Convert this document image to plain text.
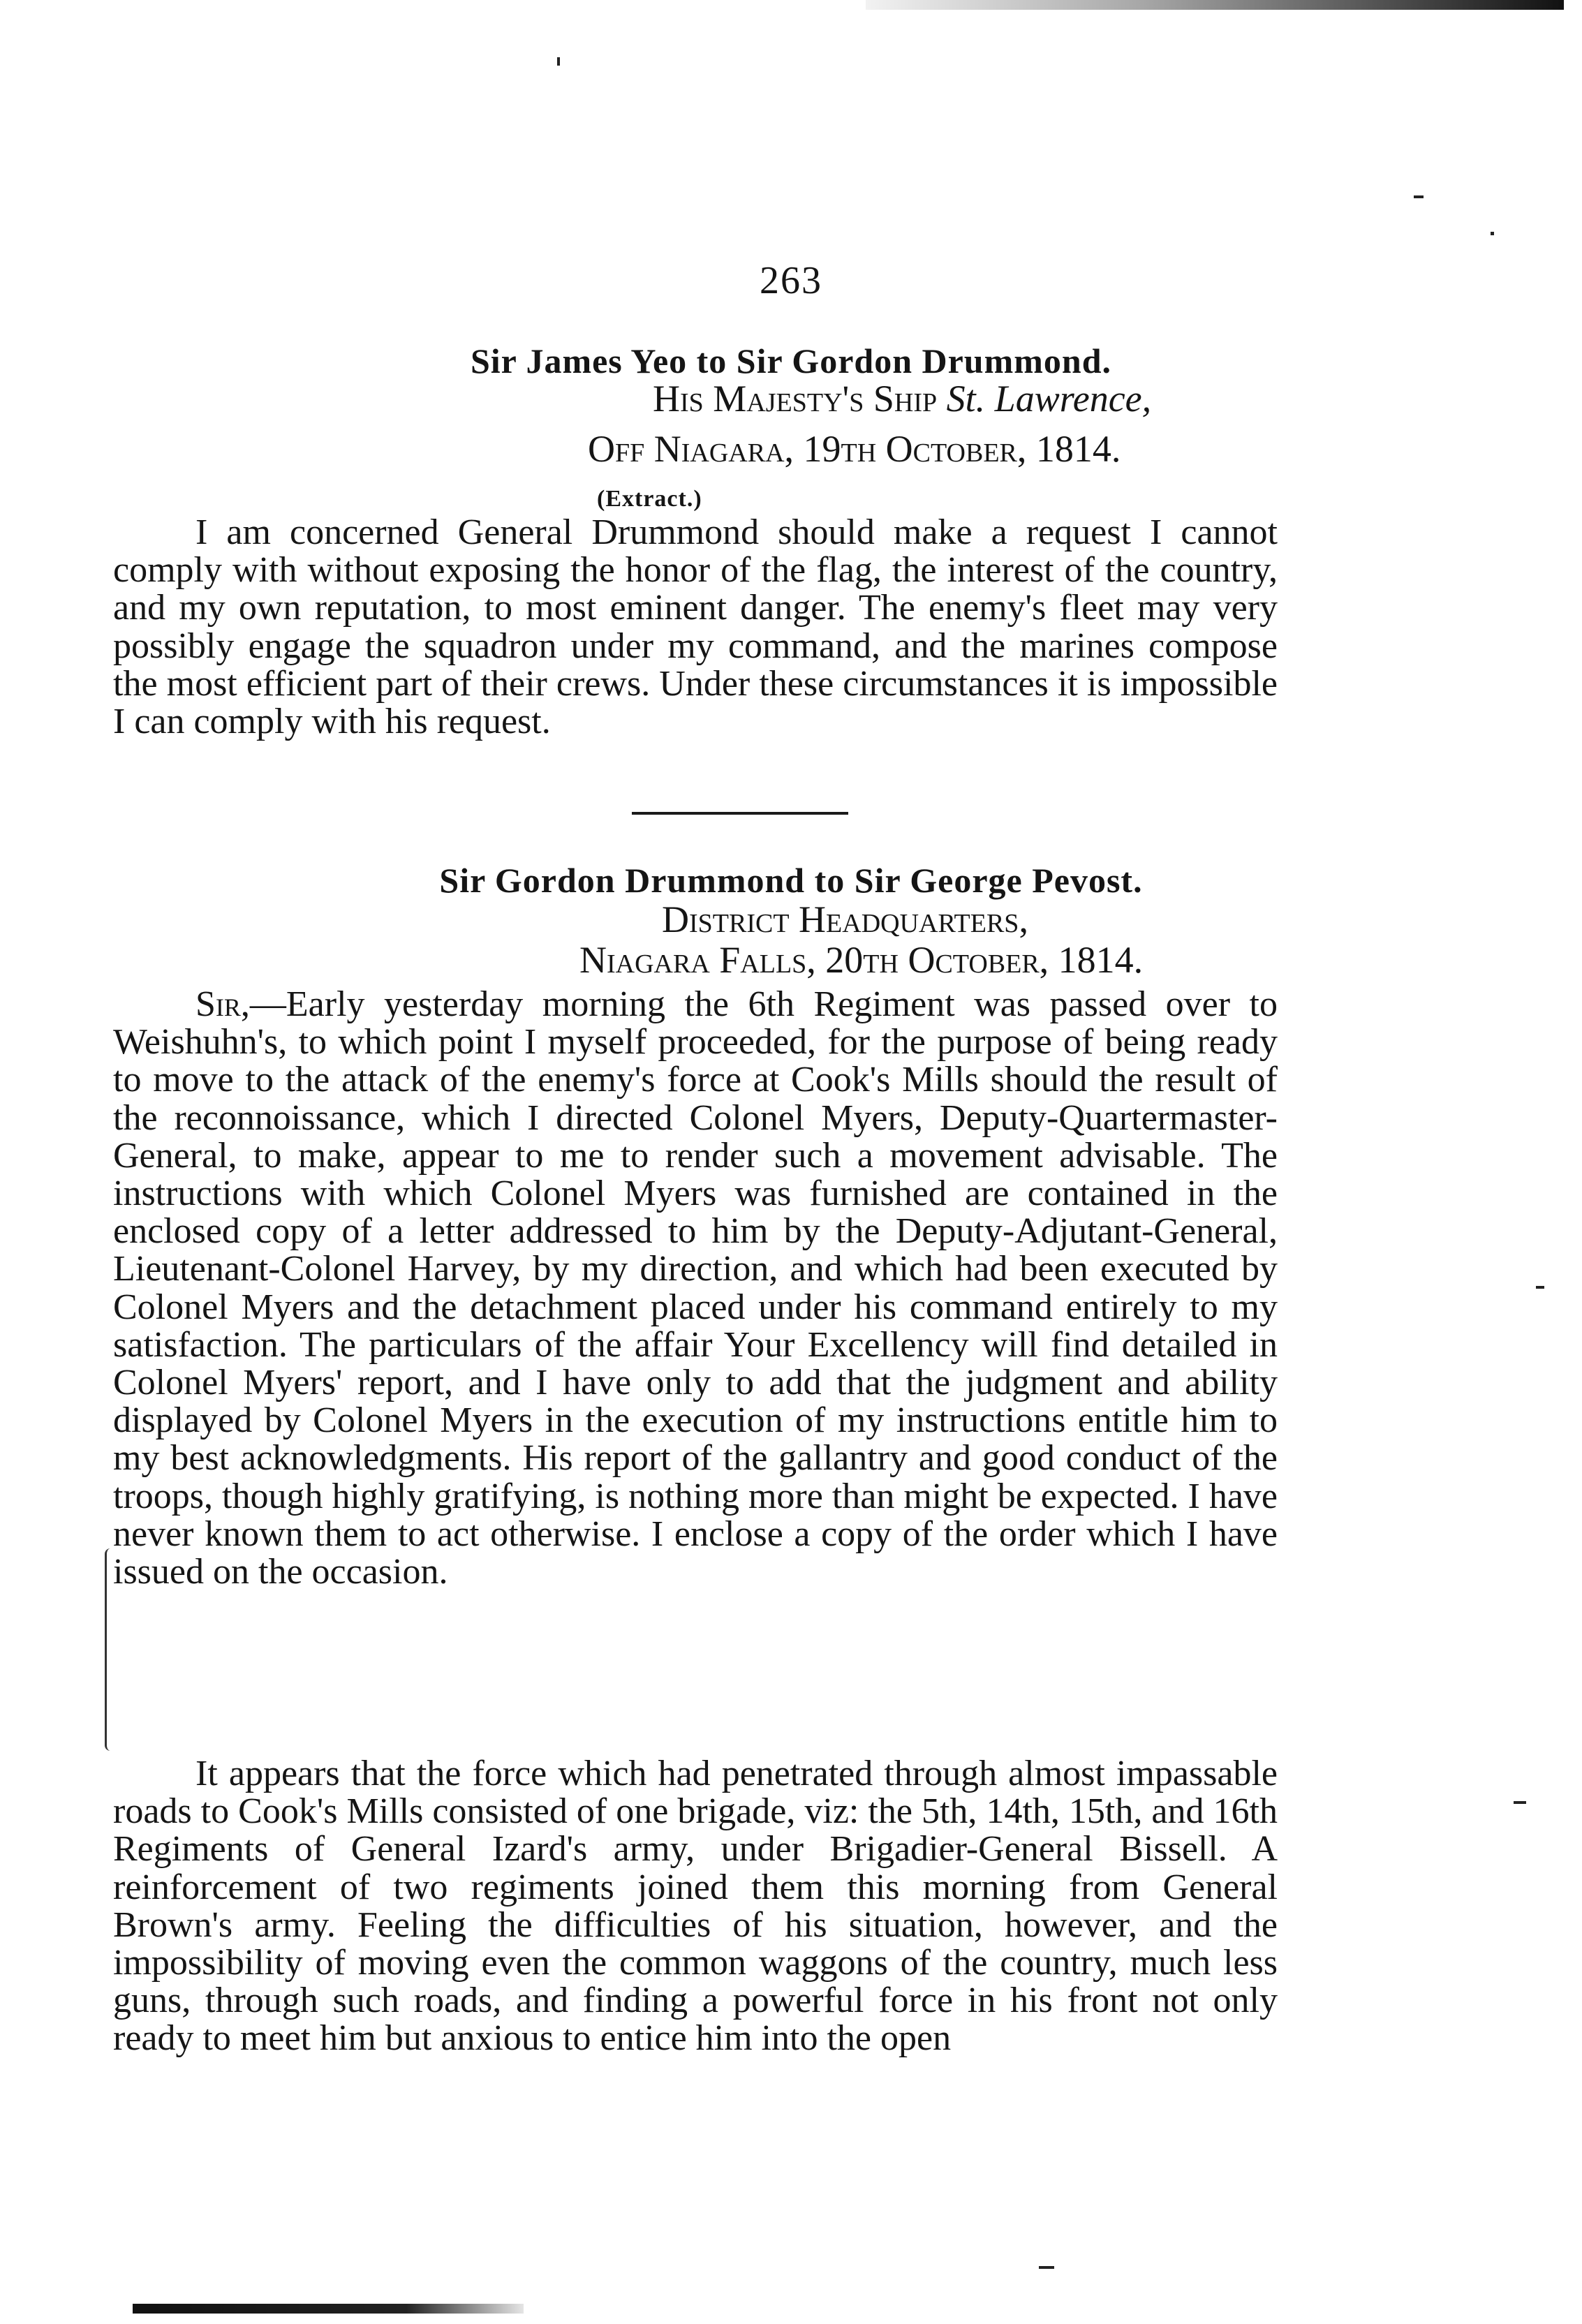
263
Sir James Yeo to Sir Gordon Drummond.
His Majesty's Ship St. Lawrence,
Off Niagara, 19th October, 1814.
(Extract.)

I am concerned General Drummond should make a request I cannot comply with without exposing the honor of the flag, the interest of the country, and my own reputation, to most eminent danger. The enemy's fleet may very possibly engage the squadron under my command, and the marines compose the most efficient part of their crews. Under these circumstances it is impossible I can comply with his request.

Sir Gordon Drummond to Sir George Pevost.
District Headquarters,
Niagara Falls, 20th October, 1814.

Sir,—Early yesterday morning the 6th Regiment was passed over to Weishuhn's, to which point I myself proceeded, for the purpose of being ready to move to the attack of the enemy's force at Cook's Mills should the result of the reconnoissance, which I directed Colonel Myers, Deputy-Quartermaster-General, to make, appear to me to render such a movement advisable. The instructions with which Colonel Myers was furnished are contained in the enclosed copy of a letter addressed to him by the Deputy-Adjutant-General, Lieutenant-Colonel Harvey, by my direction, and which had been executed by Colonel Myers and the detachment placed under his command entirely to my satisfaction. The particulars of the affair Your Excellency will find detailed in Colonel Myers' report, and I have only to add that the judgment and ability displayed by Colonel Myers in the execution of my instructions entitle him to my best acknowledgments. His report of the gallantry and good conduct of the troops, though highly gratifying, is nothing more than might be expected. I have never known them to act otherwise. I enclose a copy of the order which I have issued on the occasion.

It appears that the force which had penetrated through almost impassable roads to Cook's Mills consisted of one brigade, viz: the 5th, 14th, 15th, and 16th Regiments of General Izard's army, under Brigadier-General Bissell. A reinforcement of two regiments joined them this morning from General Brown's army. Feeling the difficulties of his situation, however, and the impossibility of moving even the common waggons of the country, much less guns, through such roads, and finding a powerful force in his front not only ready to meet him but anxious to entice him into the open
